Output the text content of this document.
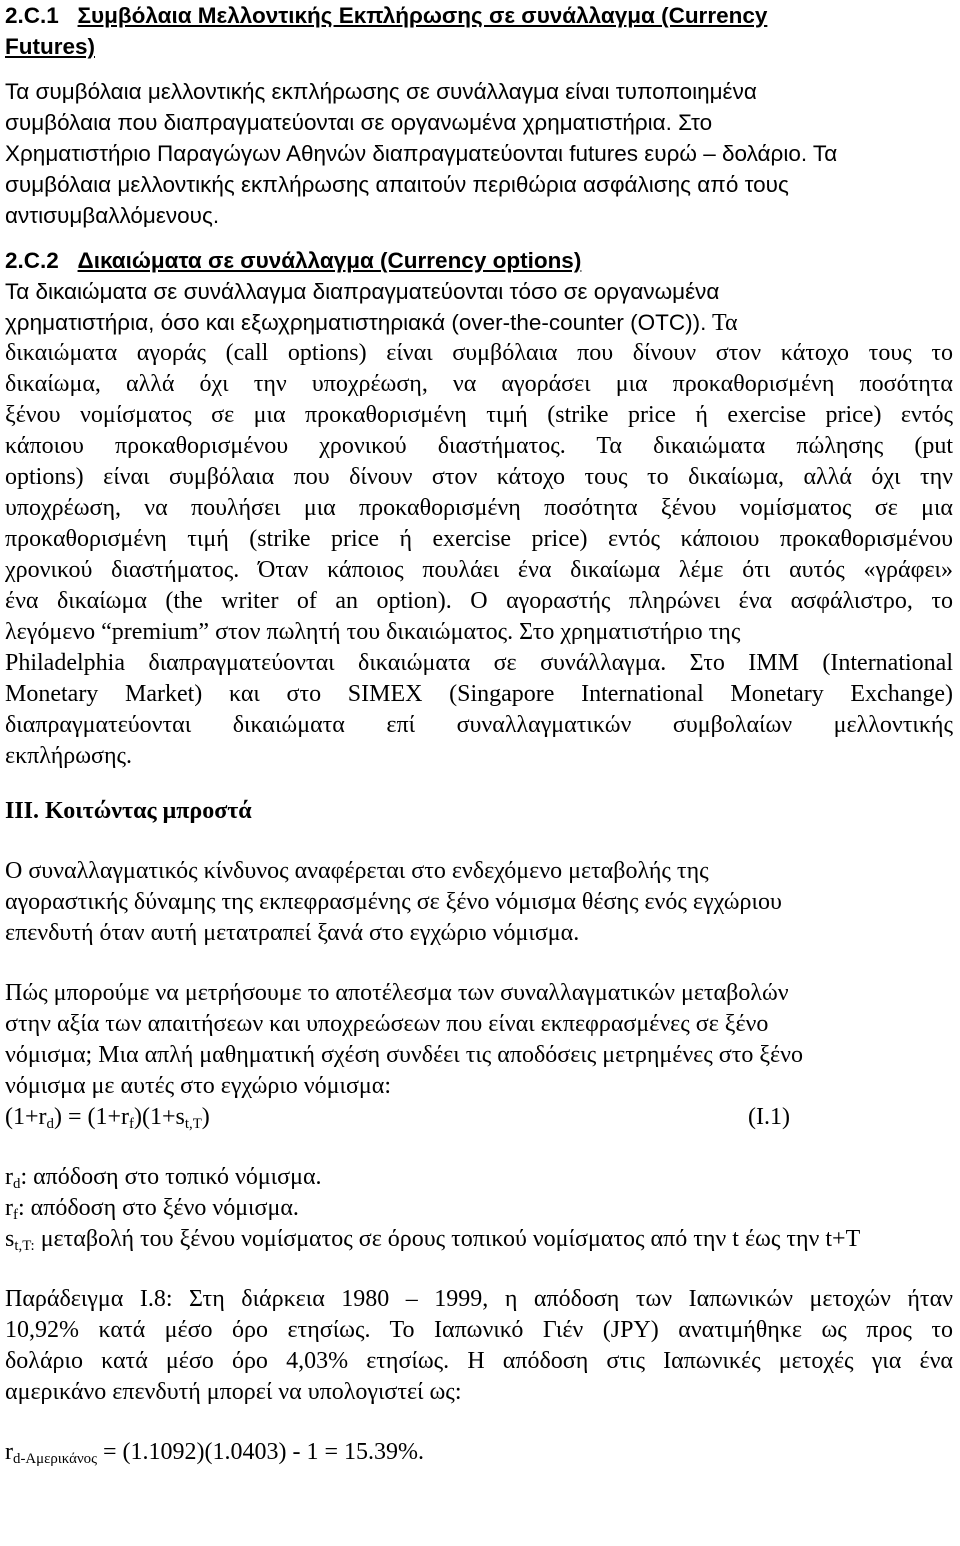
2.C.1 Συμβόλαια Μελλοντικής Εκπλήρωσης σε συνάλλαγμα (Currency
Futures)
Τα συμβόλαια μελλοντικής εκπλήρωσης σε συνάλλαγμα είναι τυποποιημένα
συμβόλαια που διαπραγματεύονται σε οργανωμένα χρηματιστήρια. Στο
Χρηματιστήριο Παραγώγων Αθηνών διαπραγματεύονται futures ευρώ – δολάριο. Τα
συμβόλαια μελλοντικής εκπλήρωσης απαιτούν περιθώρια ασφάλισης από τους
αντισυμβαλλόμενους.
2.C.2 Δικαιώματα σε συνάλλαγμα (Currency options)
Τα δικαιώματα σε συνάλλαγμα διαπραγματεύονται τόσο σε οργανωμένα
χρηματιστήρια, όσο και εξωχρηματιστηριακά (over-the-counter (OTC)). Τα
δικαιώματα αγοράς (call options) είναι συμβόλαια που δίνουν στον κάτοχο τους το
δικαίωμα, αλλά όχι την υποχρέωση, να αγοράσει μια προκαθορισμένη ποσότητα
ξένου νομίσματος σε μια προκαθορισμένη τιμή (strike price ή exercise price) εντός
κάποιου προκαθορισμένου χρονικού διαστήματος. Τα δικαιώματα πώλησης (put
options) είναι συμβόλαια που δίνουν στον κάτοχο τους το δικαίωμα, αλλά όχι την
υποχρέωση, να πουλήσει μια προκαθορισμένη ποσότητα ξένου νομίσματος σε μια
προκαθορισμένη τιμή (strike price ή exercise price) εντός κάποιου προκαθορισμένου
χρονικού διαστήματος. Όταν κάποιος πουλάει ένα δικαίωμα λέμε ότι αυτός «γράφει»
ένα δικαίωμα (the writer of an option). Ο αγοραστής πληρώνει ένα ασφάλιστρο, το
λεγόμενο “premium” στον πωλητή του δικαιώματος. Στο χρηματιστήριο της
Philadelphia διαπραγματεύονται δικαιώματα σε συνάλλαγμα. Στο IMM (International
Monetary Market) και στο SIMEX (Singapore International Monetary Exchange)
διαπραγματεύονται δικαιώματα επί συναλλαγματικών συμβολαίων μελλοντικής
εκπλήρωσης.
ΙΙΙ. Κοιτώντας μπροστά
Ο συναλλαγματικός κίνδυνος αναφέρεται στο ενδεχόμενο μεταβολής της
αγοραστικής δύναμης της εκπεφρασμένης σε ξένο νόμισμα θέσης ενός εγχώριου
επενδυτή όταν αυτή μετατραπεί ξανά στο εγχώριο νόμισμα.
Πώς μπορούμε να μετρήσουμε το αποτέλεσμα των συναλλαγματικών μεταβολών
στην αξία των απαιτήσεων και υποχρεώσεων που είναι εκπεφρασμένες σε ξένο
νόμισμα; Μια απλή μαθηματική σχέση συνδέει τις αποδόσεις μετρημένες στο ξένο
νόμισμα με αυτές στο εγχώριο νόμισμα:
$(1+r_d) = (1+r_f)(1+s_{t,T})$	(Ι.1)
$r_d$: απόδοση στο τοπικό νόμισμα.
$r_f$: απόδοση στο ξένο νόμισμα.
$s_{t,T:}$ μεταβολή του ξένου νομίσματος σε όρους τοπικού νομίσματος από την t έως την t+T
Παράδειγμα Ι.8: Στη διάρκεια 1980 – 1999, η απόδοση των Ιαπωνικών μετοχών ήταν
10,92% κατά μέσο όρο ετησίως. Το Ιαπωνικό Γιέν (JPY) ανατιμήθηκε ως προς το
δολάριο κατά μέσο όρο 4,03% ετησίως. Η απόδοση στις Ιαπωνικές μετοχές για ένα
αμερικάνο επενδυτή μπορεί να υπολογιστεί ως:
$r_{d-A\mu\varepsilon\rho\iota\kappa ά\nu o\varsigma} = (1.1092)(1.0403) - 1 = 15.39\%$.
